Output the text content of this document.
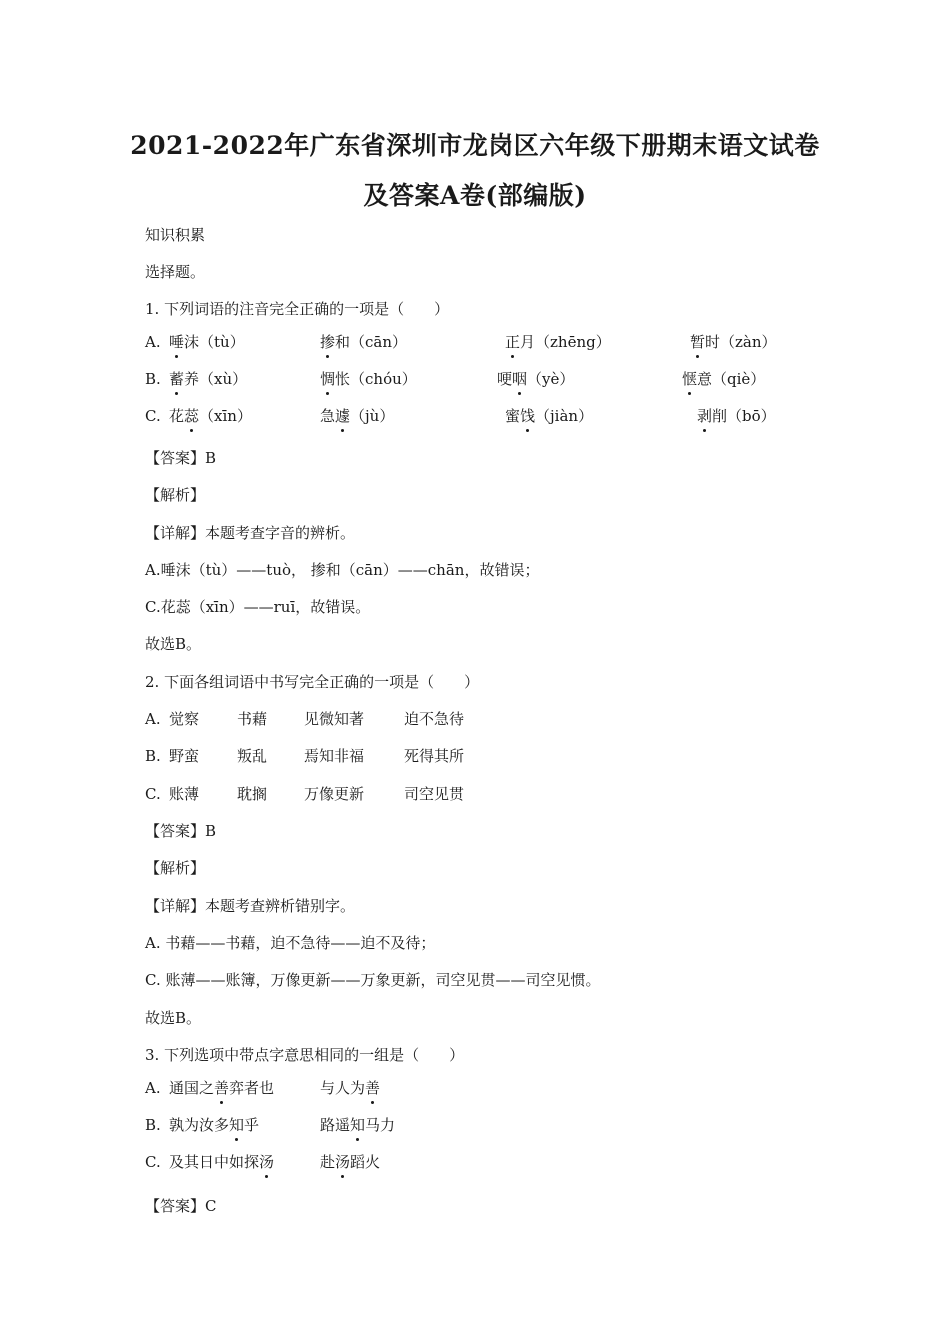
2021-2022年广东省深圳市龙岗区六年级下册期末语文试卷
及答案A卷(部编版)
知识积累
选择题。
1. 下列词语的注音完全正确的一项是（　　）
A. 唾沫（tù）	掺和（cān）	正月（zhēng）	暂时（zàn）
B. 蓄养（xù）	惆怅（chóu）	哽咽（yè）	惬意（qiè）
C. 花蕊（xīn）	急遽（jù）	蜜饯（jiàn）	剥削（bō）
【答案】B
【解析】
【详解】本题考查字音的辨析。
A.唾沫（tù）——tuò， 掺和（cān）——chān，故错误；
C.花蕊（xīn）——ruī，故错误。
故选B。
2. 下面各组词语中书写完全正确的一项是（　　）
A. 觉察	书藉 见微知著	迫不急待
B. 野蛮	叛乱 焉知非福	死得其所
C. 账薄	耽搁 万像更新	司空见贯
【答案】B
【解析】
【详解】本题考查辨析错别字。
A. 书藉——书藉，迫不急待——迫不及待；
C. 账薄——账簿，万像更新——万象更新，司空见贯——司空见惯。
故选B。
3. 下列选项中带点字意思相同的一组是（　　）
A. 通国之善弈者也	与人为善
B. 孰为汝多知乎	路遥知马力
C. 及其日中如探汤	赴汤蹈火
【答案】C
